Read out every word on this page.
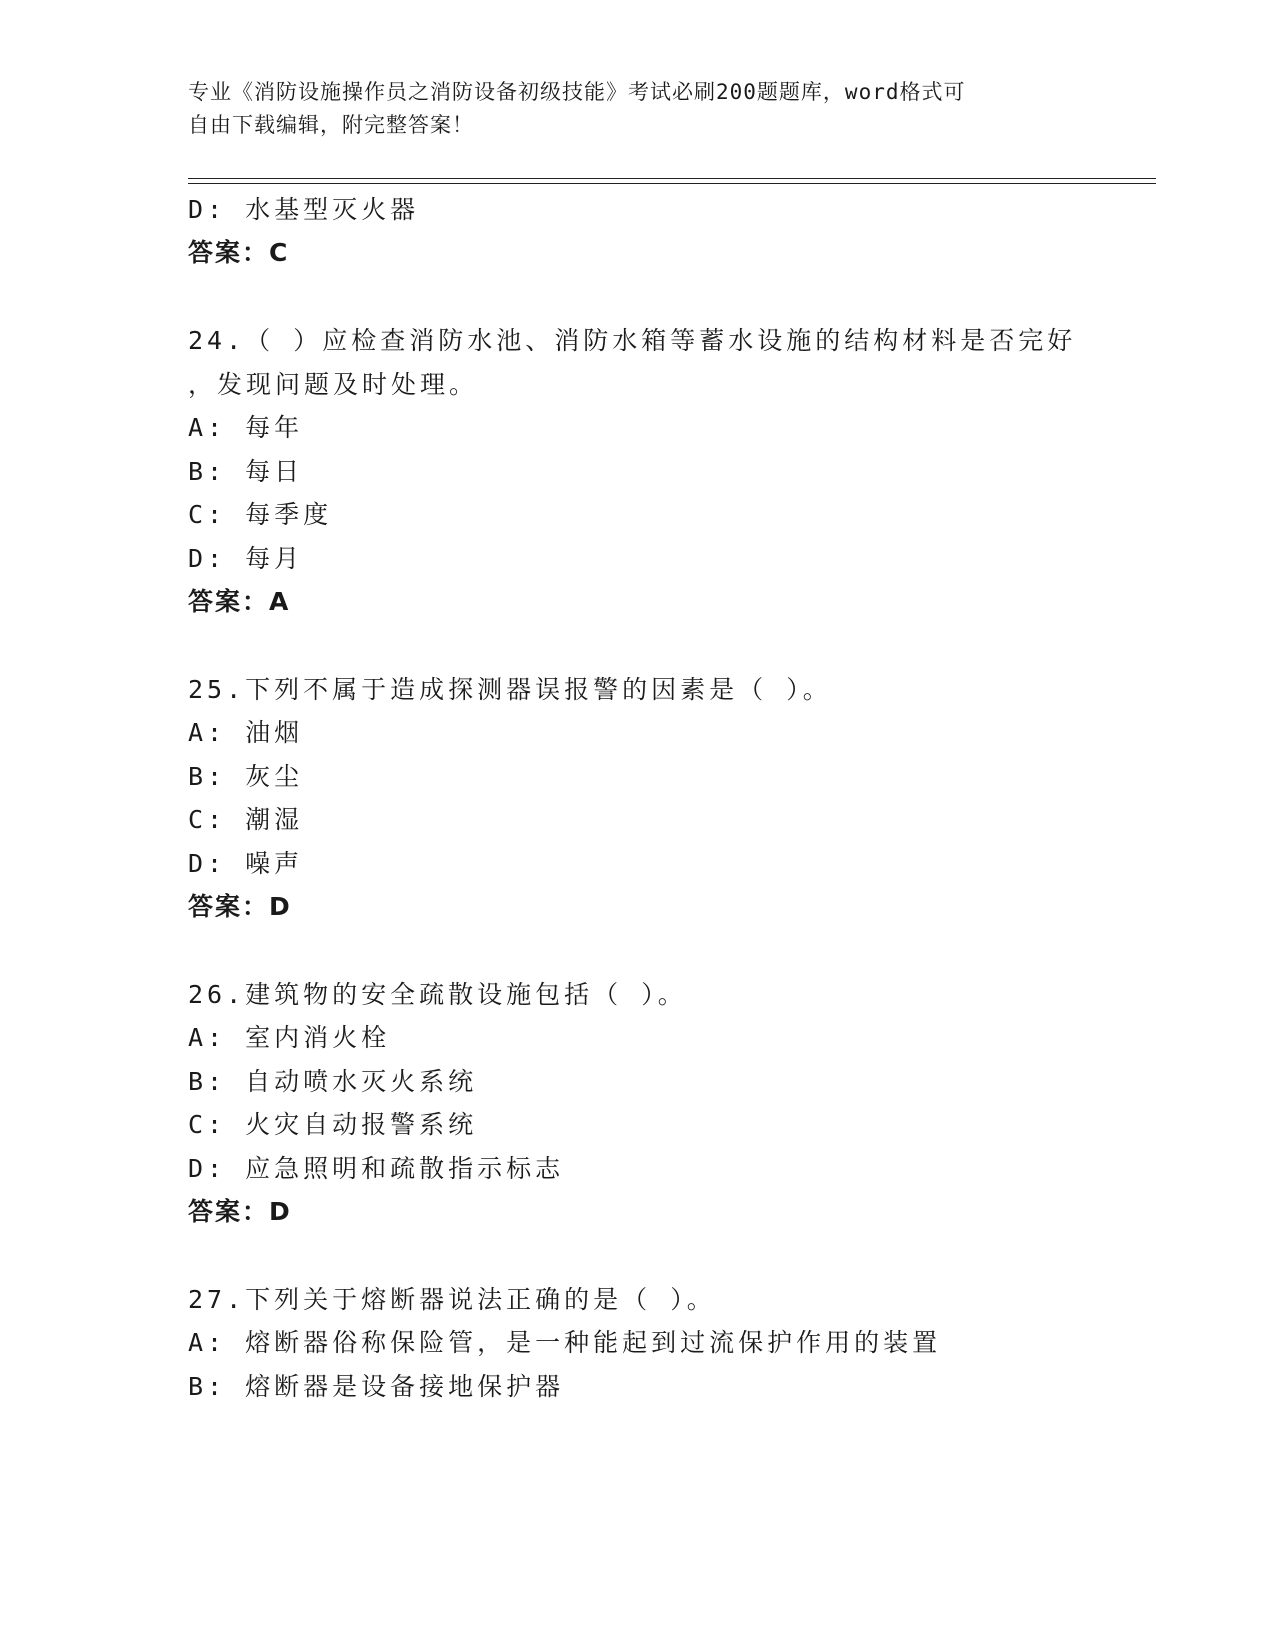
专业《消防设施操作员之消防设备初级技能》考试必刷200题题库，word格式可
自由下载编辑，附完整答案！
D: 水基型灭火器
答案：C
24.（ ）应检查消防水池、消防水箱等蓄水设施的结构材料是否完好
，发现问题及时处理。
A: 每年
B: 每日
C: 每季度
D: 每月
答案：A
25.下列不属于造成探测器误报警的因素是（ ）。
A: 油烟
B: 灰尘
C: 潮湿
D: 噪声
答案：D
26.建筑物的安全疏散设施包括（ ）。
A: 室内消火栓
B: 自动喷水灭火系统
C: 火灾自动报警系统
D: 应急照明和疏散指示标志
答案：D
27.下列关于熔断器说法正确的是（ ）。
A: 熔断器俗称保险管，是一种能起到过流保护作用的装置
B: 熔断器是设备接地保护器
